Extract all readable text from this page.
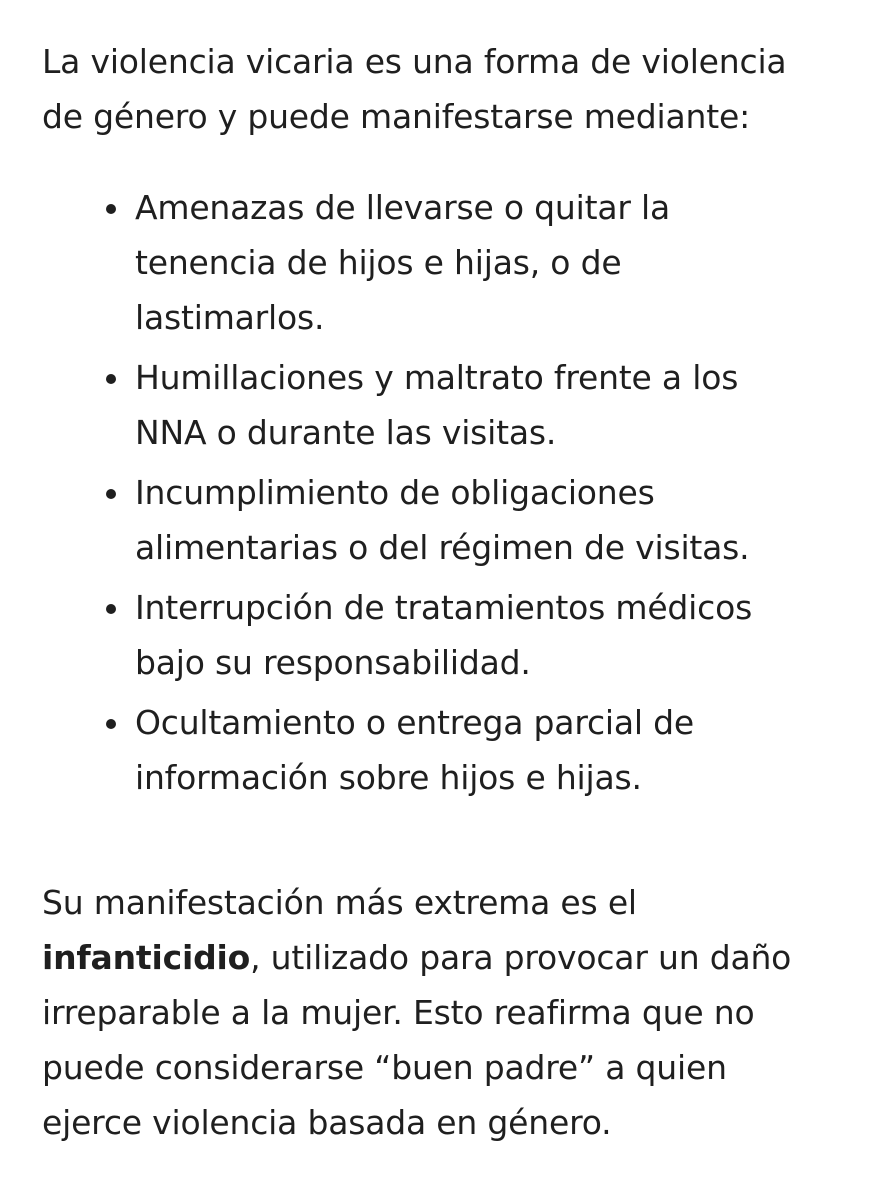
La violencia vicaria es una forma de violencia
de género y puede manifestarse mediante:

Amenazas de llevarse o quitar la tenencia de hijos e hijas, o de lastimarlos.
Humillaciones y maltrato frente a los NNA o durante las visitas.
Incumplimiento de obligaciones alimentarias o del régimen de visitas.
Interrupción de tratamientos médicos bajo su responsabilidad.
Ocultamiento o entrega parcial de información sobre hijos e hijas.

Su manifestación más extrema es el infanticidio, utilizado para provocar un daño irreparable a la mujer. Esto reafirma que no puede considerarse “buen padre” a quien ejerce violencia basada en género.
